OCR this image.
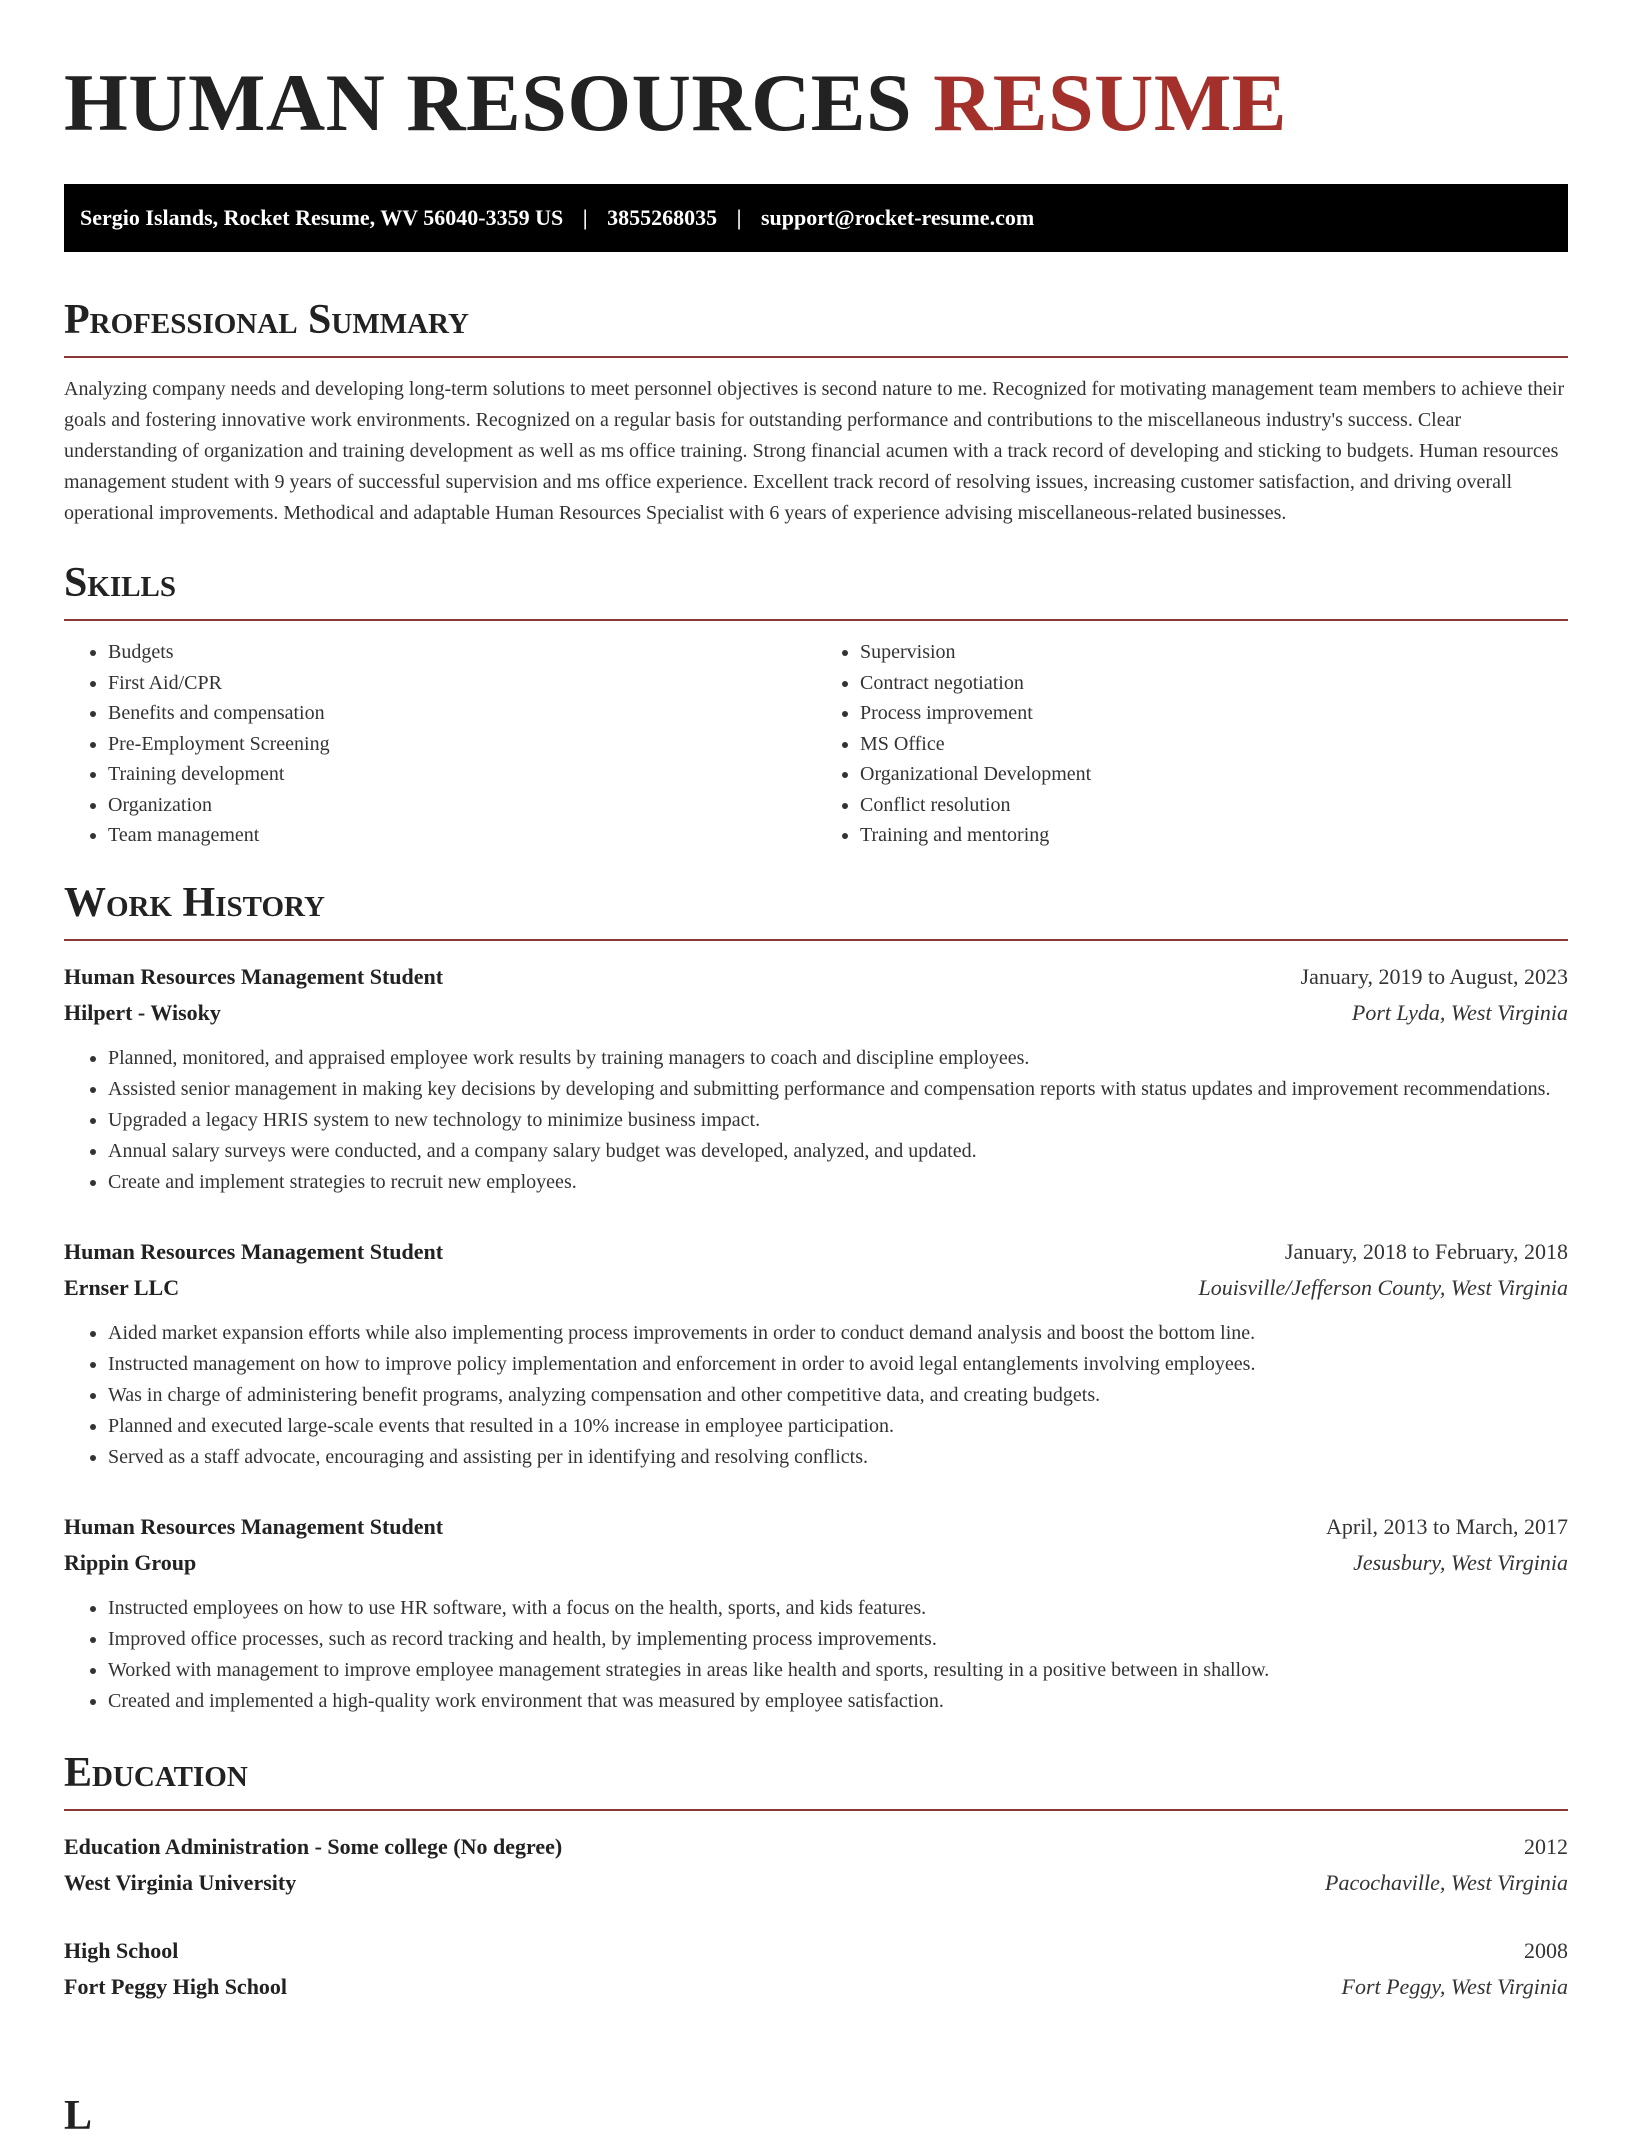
HUMAN RESOURCES RESUME
Sergio Islands, Rocket Resume, WV 56040-3359 US | 3855268035 | support@rocket-resume.com
Professional Summary

Analyzing company needs and developing long-term solutions to meet personnel objectives is second nature to me. Recognized for motivating management team members to achieve their goals and fostering innovative work environments. Recognized on a regular basis for outstanding performance and contributions to the miscellaneous industry's success. Clear understanding of organization and training development as well as ms office training. Strong financial acumen with a track record of developing and sticking to budgets. Human resources management student with 9 years of successful supervision and ms office experience. Excellent track record of resolving issues, increasing customer satisfaction, and driving overall operational improvements. Methodical and adaptable Human Resources Specialist with 6 years of experience advising miscellaneous-related businesses.

Skills
• Budgets
• First Aid/CPR
• Benefits and compensation
• Pre-Employment Screening
• Training development
• Organization
• Team management
• Supervision
• Contract negotiation
• Process improvement
• MS Office
• Organizational Development
• Conflict resolution
• Training and mentoring
Work History
Human Resources Management Student	January, 2019 to August, 2023
Hilpert - Wisoky	Port Lyda, West Virginia
• Planned, monitored, and appraised employee work results by training managers to coach and discipline employees.
• Assisted senior management in making key decisions by developing and submitting performance and compensation reports with status updates and improvement recommendations.
• Upgraded a legacy HRIS system to new technology to minimize business impact.
• Annual salary surveys were conducted, and a company salary budget was developed, analyzed, and updated.
• Create and implement strategies to recruit new employees.
Human Resources Management Student	January, 2018 to February, 2018
Ernser LLC	Louisville/Jefferson County, West Virginia
• Aided market expansion efforts while also implementing process improvements in order to conduct demand analysis and boost the bottom line.
• Instructed management on how to improve policy implementation and enforcement in order to avoid legal entanglements involving employees.
• Was in charge of administering benefit programs, analyzing compensation and other competitive data, and creating budgets.
• Planned and executed large-scale events that resulted in a 10% increase in employee participation.
• Served as a staff advocate, encouraging and assisting per in identifying and resolving conflicts.
Human Resources Management Student	April, 2013 to March, 2017
Rippin Group	Jesusbury, West Virginia
• Instructed employees on how to use HR software, with a focus on the health, sports, and kids features.
• Improved office processes, such as record tracking and health, by implementing process improvements.
• Worked with management to improve employee management strategies in areas like health and sports, resulting in a positive between in shallow.
• Created and implemented a high-quality work environment that was measured by employee satisfaction.
Education
Education Administration - Some college (No degree)	2012
West Virginia University	Pacochaville, West Virginia
High School	2008
Fort Peggy High School	Fort Peggy, West Virginia
L
